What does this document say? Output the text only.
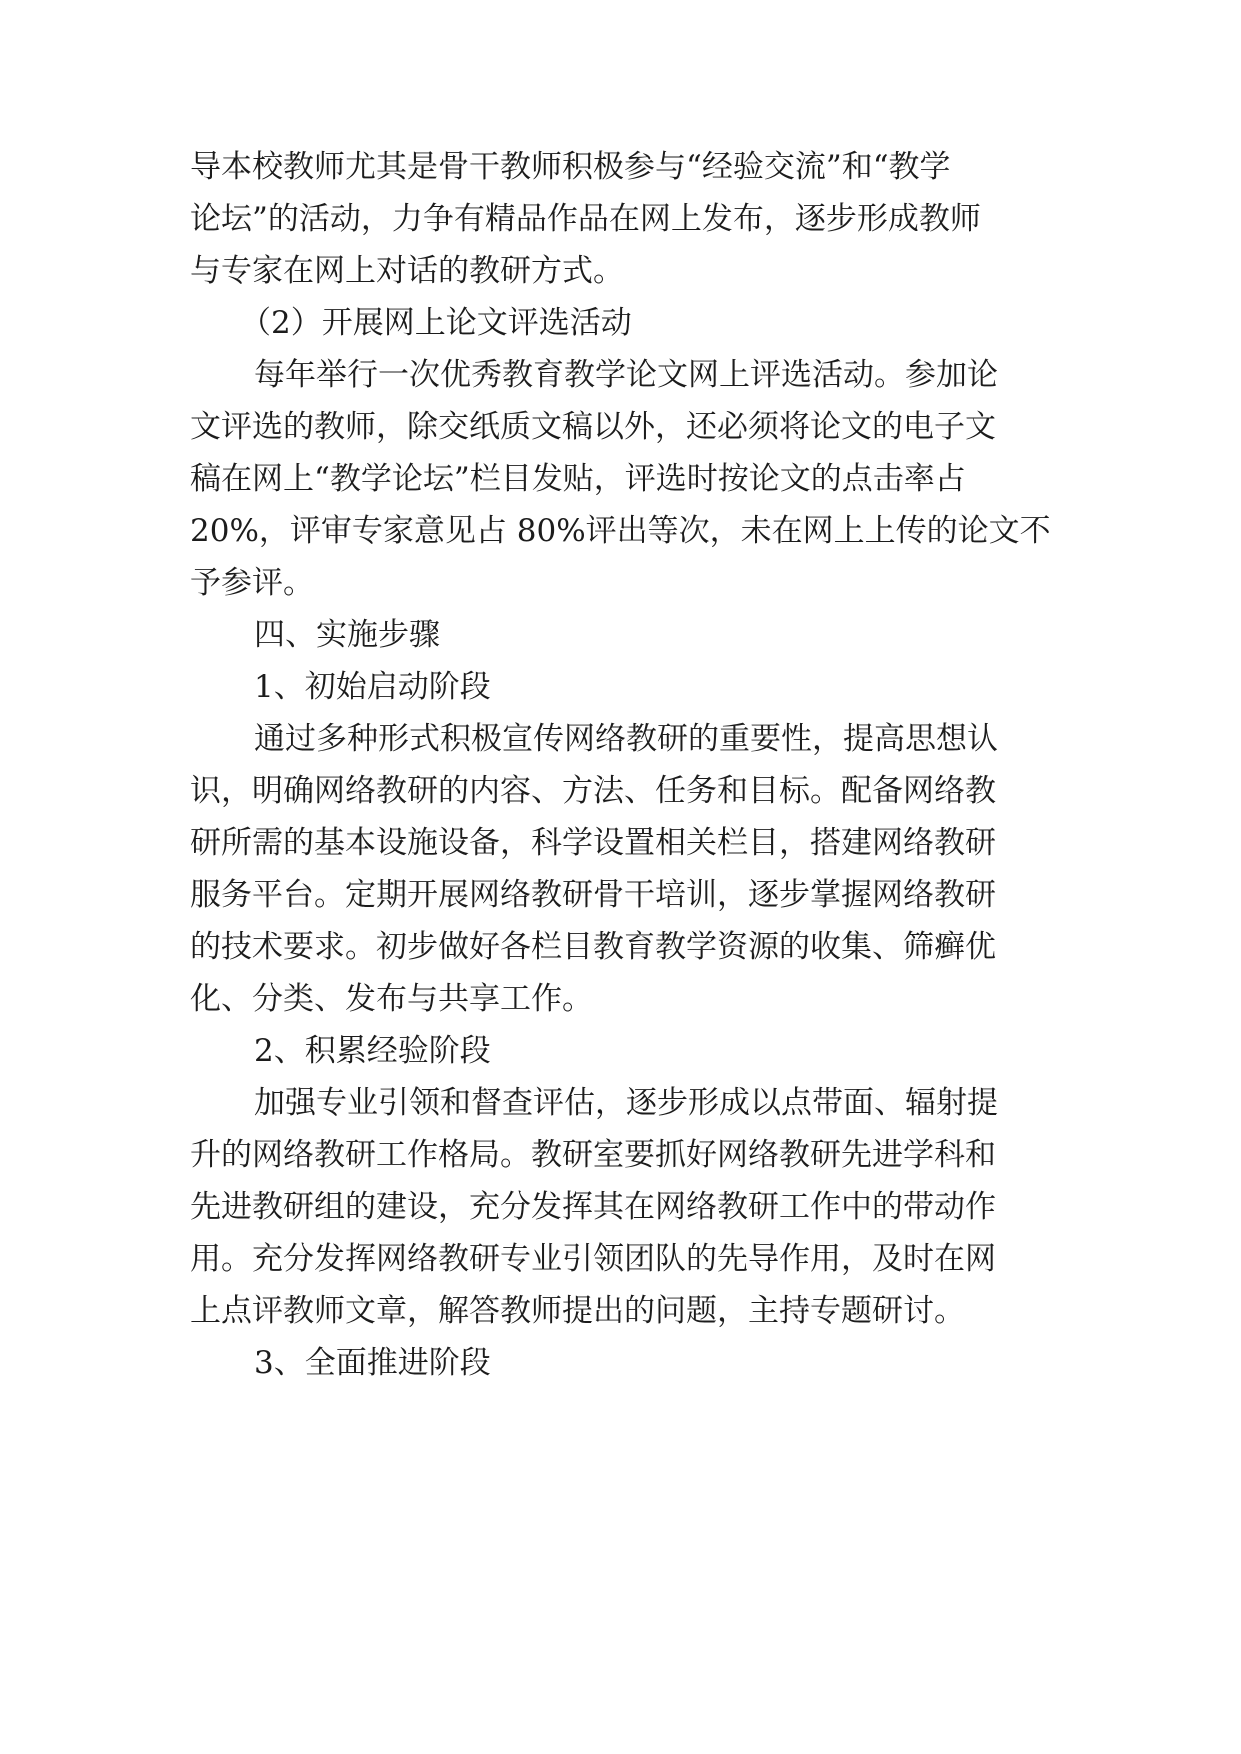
导本校教师尤其是骨干教师积极参与“经验交流”和“教学
论坛”的活动，力争有精品作品在网上发布，逐步形成教师
与专家在网上对话的教研方式。
（2）开展网上论文评选活动
每年举行一次优秀教育教学论文网上评选活动。参加论
文评选的教师，除交纸质文稿以外，还必须将论文的电子文
稿在网上“教学论坛”栏目发贴，评选时按论文的点击率占
20%，评审专家意见占 80%评出等次，未在网上上传的论文不
予参评。
四、实施步骤
1、初始启动阶段
通过多种形式积极宣传网络教研的重要性，提高思想认
识，明确网络教研的内容、方法、任务和目标。配备网络教
研所需的基本设施设备，科学设置相关栏目，搭建网络教研
服务平台。定期开展网络教研骨干培训，逐步掌握网络教研
的技术要求。初步做好各栏目教育教学资源的收集、筛癣优
化、分类、发布与共享工作。
2、积累经验阶段
加强专业引领和督查评估，逐步形成以点带面、辐射提
升的网络教研工作格局。教研室要抓好网络教研先进学科和
先进教研组的建设，充分发挥其在网络教研工作中的带动作
用。充分发挥网络教研专业引领团队的先导作用，及时在网
上点评教师文章，解答教师提出的问题，主持专题研讨。
3、全面推进阶段
